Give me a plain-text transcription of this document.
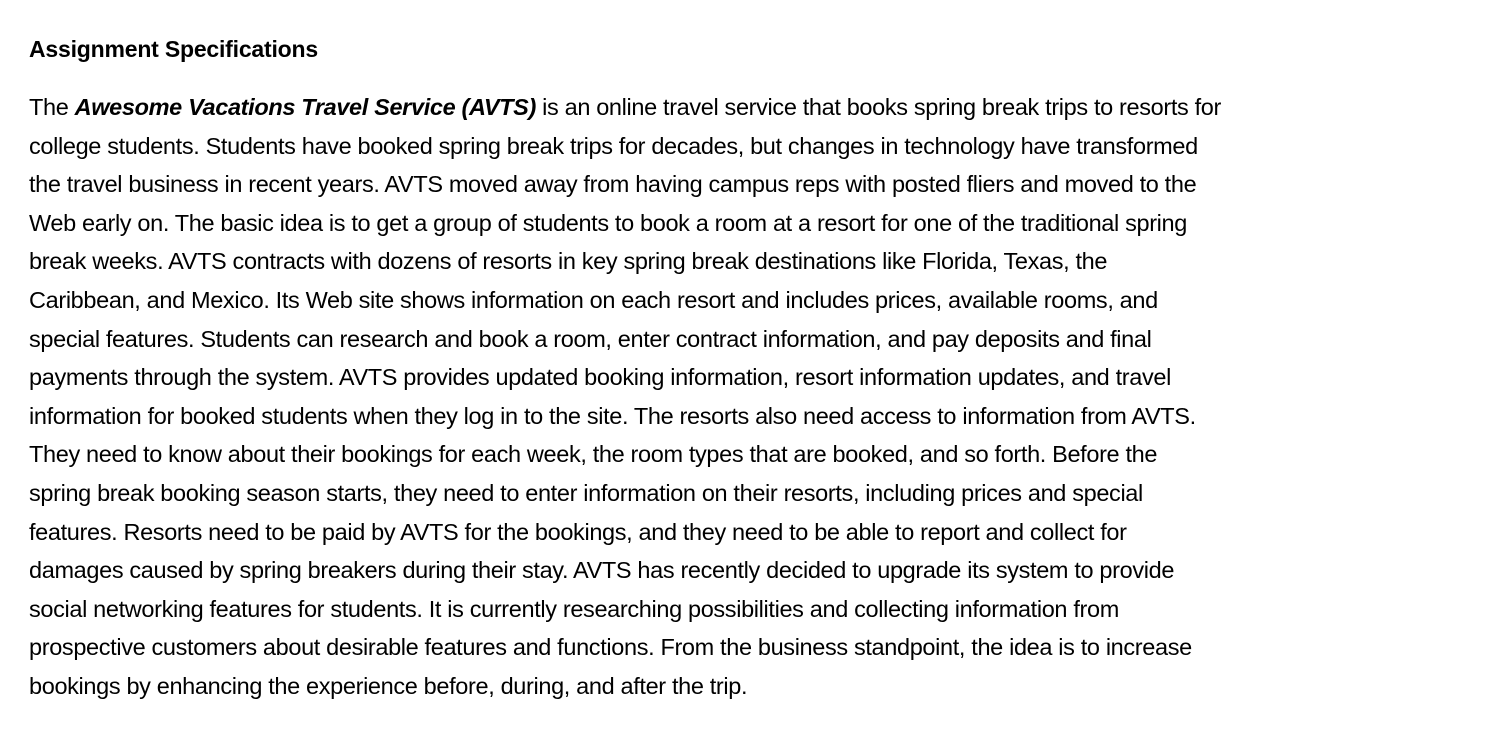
Assignment Specifications

The Awesome Vacations Travel Service (AVTS) is an online travel service that books spring break trips to resorts for
college students. Students have booked spring break trips for decades, but changes in technology have transformed
the travel business in recent years. AVTS moved away from having campus reps with posted fliers and moved to the
Web early on. The basic idea is to get a group of students to book a room at a resort for one of the traditional spring
break weeks. AVTS contracts with dozens of resorts in key spring break destinations like Florida, Texas, the
Caribbean, and Mexico. Its Web site shows information on each resort and includes prices, available rooms, and
special features. Students can research and book a room, enter contract information, and pay deposits and final
payments through the system. AVTS provides updated booking information, resort information updates, and travel
information for booked students when they log in to the site. The resorts also need access to information from AVTS.
They need to know about their bookings for each week, the room types that are booked, and so forth. Before the
spring break booking season starts, they need to enter information on their resorts, including prices and special
features. Resorts need to be paid by AVTS for the bookings, and they need to be able to report and collect for
damages caused by spring breakers during their stay. AVTS has recently decided to upgrade its system to provide
social networking features for students. It is currently researching possibilities and collecting information from
prospective customers about desirable features and functions. From the business standpoint, the idea is to increase
bookings by enhancing the experience before, during, and after the trip.
